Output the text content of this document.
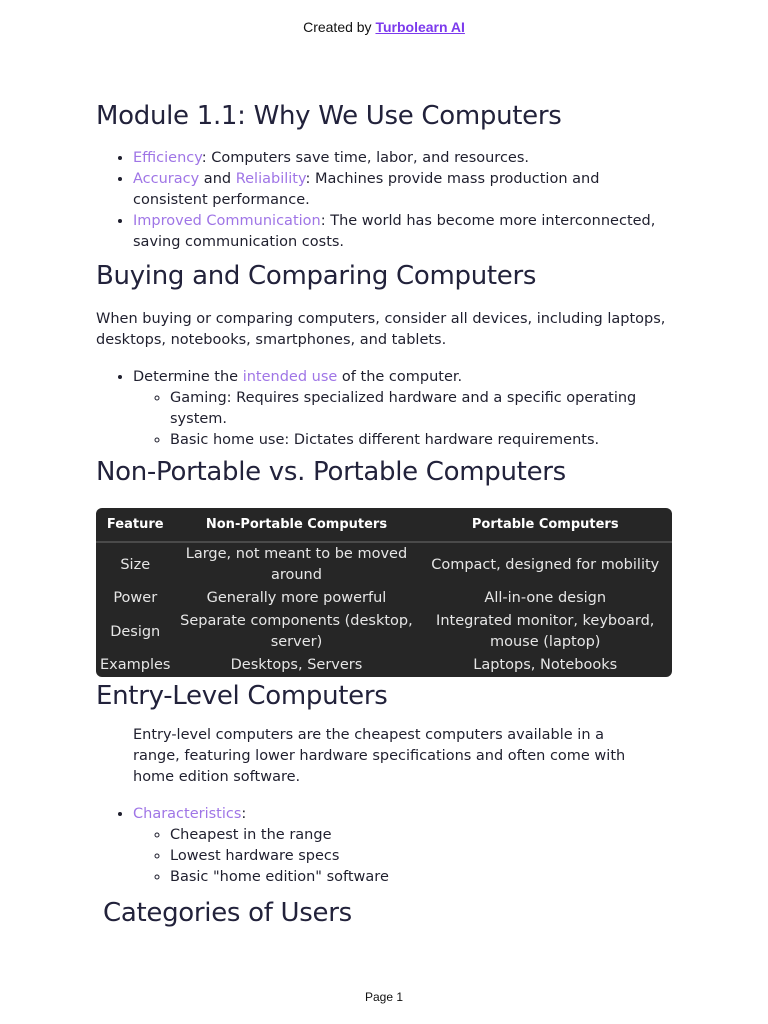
Created by Turbolearn AI
Module 1.1: Why We Use Computers
• Efficiency: Computers save time, labor, and resources.
• Accuracy and Reliability: Machines provide mass production and consistent performance.
• Improved Communication: The world has become more interconnected, saving communication costs.
Buying and Comparing Computers

When buying or comparing computers, consider all devices, including laptops, desktops, notebooks, smartphones, and tablets.

• Determine the intended use of the computer.
◦ Gaming: Requires specialized hardware and a specific operating system.
◦ Basic home use: Dictates different hardware requirements.
Non-Portable vs. Portable Computers
Feature	Non-Portable Computers	Portable Computers
Size	Large, not meant to be moved around	Compact, designed for mobility
Power	Generally more powerful	All-in-one design
Design	Separate components (desktop, server)	Integrated monitor, keyboard, mouse (laptop)
Examples	Desktops, Servers	Laptops, Notebooks
Entry-Level Computers

Entry-level computers are the cheapest computers available in a range, featuring lower hardware specifications and often come with home edition software.

• Characteristics:
◦ Cheapest in the range
◦ Lowest hardware specs
◦ Basic "home edition" software
Categories of Users
Page 1
